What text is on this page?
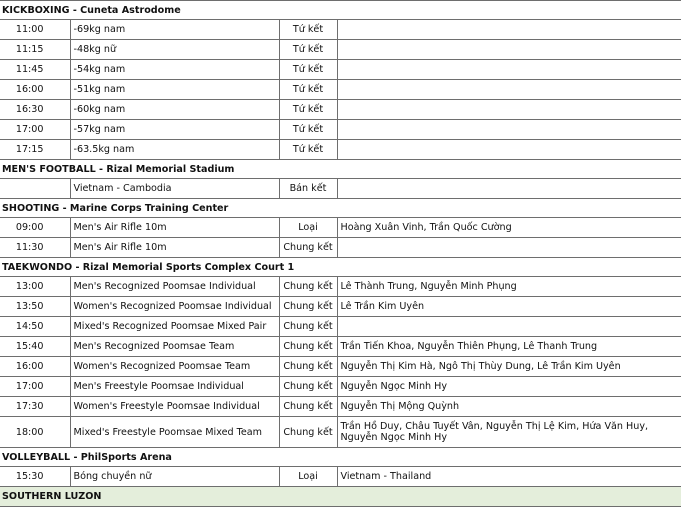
KICKBOXING - Cuneta Astrodome			
11:00	-69kg nam	Tứ kết	
11:15	-48kg nữ	Tứ kết	
11:45	-54kg nam	Tứ kết	
16:00	-51kg nam	Tứ kết	
16:30	-60kg nam	Tứ kết	
17:00	-57kg nam	Tứ kết	
17:15	-63.5kg nam	Tứ kết	
MEN'S FOOTBALL - Rizal Memorial Stadium			
	Vietnam - Cambodia	Bán kết	
SHOOTING - Marine Corps Training Center			
09:00	Men's Air Rifle 10m	Loại	Hoàng Xuân Vinh, Trần Quốc Cường
11:30	Men's Air Rifle 10m	Chung kết	
TAEKWONDO - Rizal Memorial Sports Complex Court 1			
13:00	Men's Recognized Poomsae Individual	Chung kết	Lê Thành Trung, Nguyễn Minh Phụng
13:50	Women's Recognized Poomsae Individual	Chung kết	Lê Trần Kim Uyên
14:50	Mixed's Recognized Poomsae Mixed Pair	Chung kết	
15:40	Men's Recognized Poomsae Team	Chung kết	Trần Tiến Khoa, Nguyễn Thiên Phụng, Lê Thanh Trung
16:00	Women's Recognized Poomsae Team	Chung kết	Nguyễn Thị Kim Hà, Ngô Thị Thùy Dung, Lê Trần Kim Uyên
17:00	Men's Freestyle Poomsae Individual	Chung kết	Nguyễn Ngọc Minh Hy
17:30	Women's Freestyle Poomsae Individual	Chung kết	Nguyễn Thị Mộng Quỳnh
18:00	Mixed's Freestyle Poomsae Mixed Team	Chung kết	Trần Hồ Duy, Châu Tuyết Vân, Nguyễn Thị Lệ Kim, Hứa Văn Huy, Nguyễn Ngọc Minh Hy
VOLLEYBALL - PhilSports Arena			
15:30	Bóng chuyền nữ	Loại	Vietnam - Thailand
SOUTHERN LUZON			
